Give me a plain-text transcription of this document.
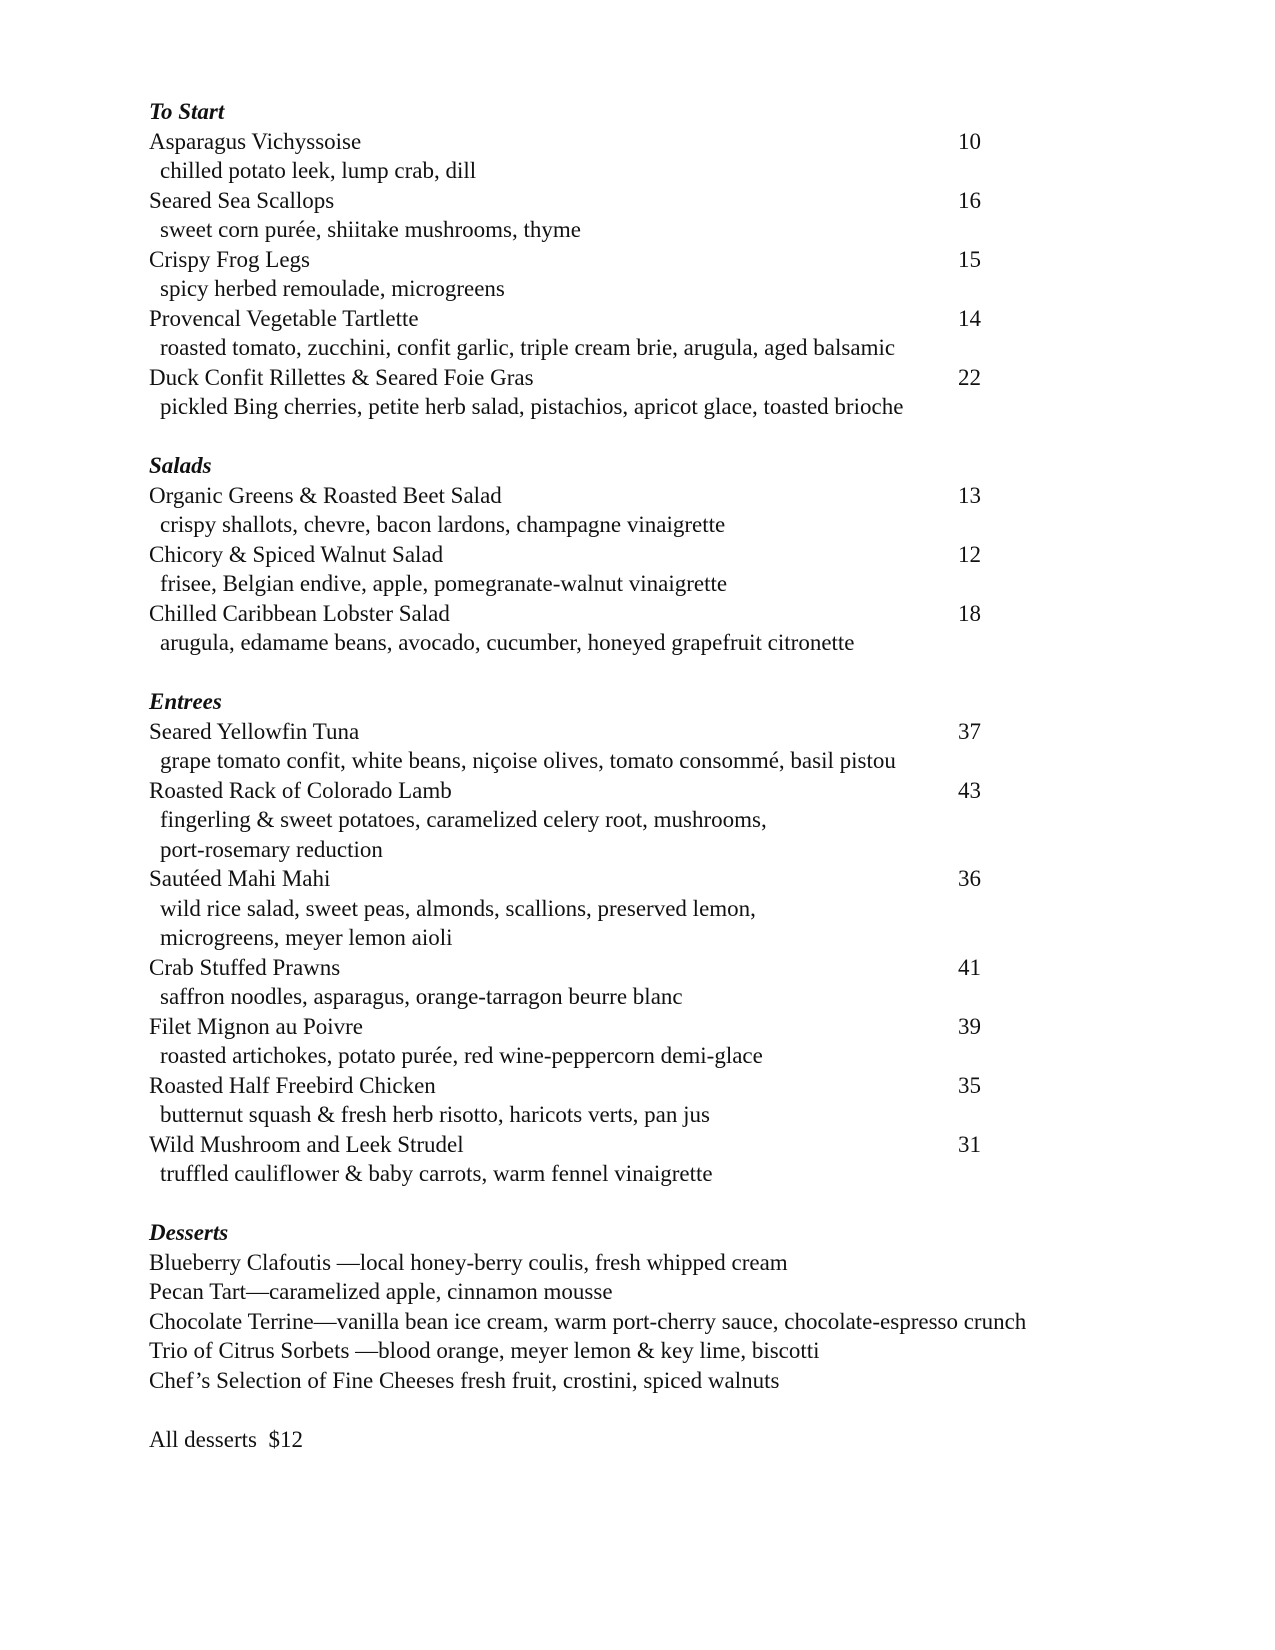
To Start
Asparagus Vichyssoise	10
chilled potato leek, lump crab, dill
Seared Sea Scallops	16
sweet corn purée, shiitake mushrooms, thyme
Crispy Frog Legs	15
spicy herbed remoulade, microgreens
Provencal Vegetable Tartlette	14
roasted tomato, zucchini, confit garlic, triple cream brie, arugula, aged balsamic
Duck Confit Rillettes & Seared Foie Gras	22
pickled Bing cherries, petite herb salad, pistachios, apricot glace, toasted brioche
Salads
Organic Greens & Roasted Beet Salad	13
crispy shallots, chevre, bacon lardons, champagne vinaigrette
Chicory & Spiced Walnut Salad	12
frisee, Belgian endive, apple, pomegranate-walnut vinaigrette
Chilled Caribbean Lobster Salad	18
arugula, edamame beans, avocado, cucumber, honeyed grapefruit citronette
Entrees
Seared Yellowfin Tuna	37
grape tomato confit, white beans, niçoise olives, tomato consommé, basil pistou
Roasted Rack of Colorado Lamb	43
fingerling & sweet potatoes, caramelized celery root, mushrooms,
port-rosemary reduction
Sautéed Mahi Mahi	36
wild rice salad, sweet peas, almonds, scallions, preserved lemon,
microgreens, meyer lemon aioli
Crab Stuffed Prawns	41
saffron noodles, asparagus, orange-tarragon beurre blanc
Filet Mignon au Poivre	39
roasted artichokes, potato purée, red wine-peppercorn demi-glace
Roasted Half Freebird Chicken	35
butternut squash & fresh herb risotto, haricots verts, pan jus
Wild Mushroom and Leek Strudel	31
truffled cauliflower & baby carrots, warm fennel vinaigrette
Desserts
Blueberry Clafoutis —local honey-berry coulis, fresh whipped cream
Pecan Tart—caramelized apple, cinnamon mousse
Chocolate Terrine—vanilla bean ice cream, warm port-cherry sauce, chocolate-espresso crunch
Trio of Citrus Sorbets —blood orange, meyer lemon & key lime, biscotti
Chef’s Selection of Fine Cheeses fresh fruit, crostini, spiced walnuts
All desserts  $12
